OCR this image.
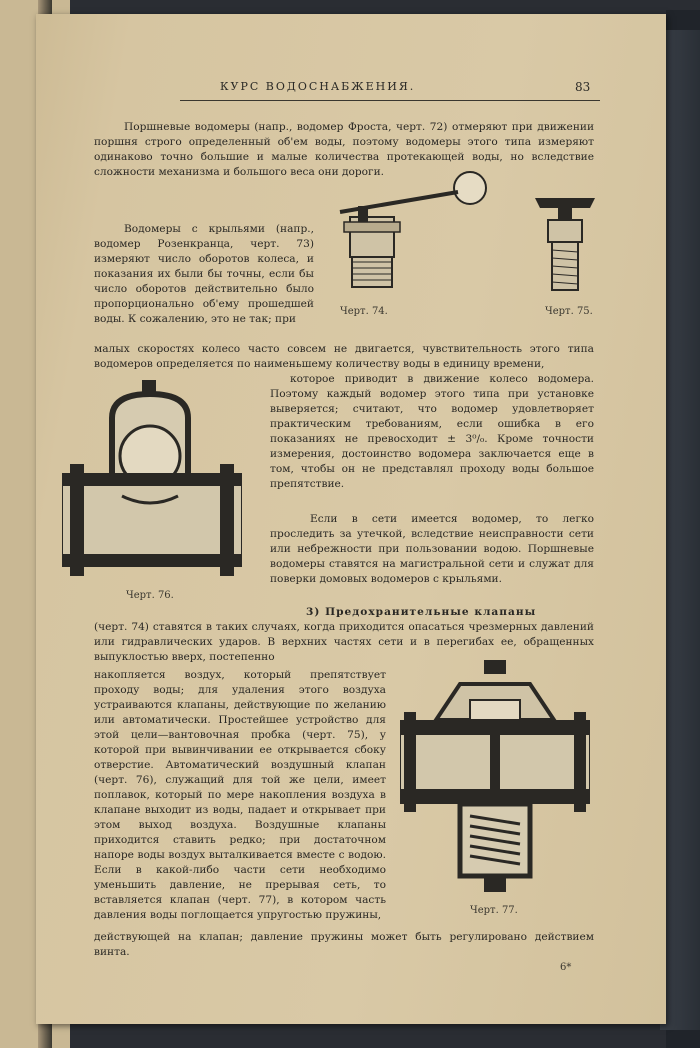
КУРС ВОДОСНАБЖЕНИЯ.	83
Поршневые водомеры (напр., водомер Фроста, черт. 72) отмеряют при движении поршня строго определенный об'ем воды, поэтому водомеры этого типа измеряют одинаково точно большие и малые количества протекающей воды, но вследствие сложности механизма и большого веса они дороги.
Водомеры с крыльями (напр., водомер Розенкранца, черт. 73) измеряют число оборотов колеса, и показания их были бы точны, если бы число оборотов действительно было пропорционально об'ему прошедшей воды. К сожалению, это не так; при
малых скоростях колесо часто совсем не двигается, чувствительность этого типа водомеров определяется по наименьшему количеству воды в единицу времени,
которое приводит в движение колесо водомера. Поэтому каждый водомер этого типа при установке выверяется; считают, что водомер удовлетворяет практическим требованиям, если ошибка в его показаниях не превосходит ± 3⁰/₀. Кроме точности измерения, достоинство водомера заключается еще в том, чтобы он не представлял проходу воды большое препятствие.
Если в сети имеется водомер, то легко проследить за утечкой, вследствие неисправности сети или небрежности при пользовании водою. Поршневые водомеры ставятся на магистральной сети и служат для поверки домовых водомеров с крыльями.
3) Предохранительные клапаны
(черт. 74) ставятся в таких случаях, когда приходится опасаться чрезмерных давлений или гидравлических ударов. В верхних частях сети и в перегибах ее, обращенных выпуклостью вверх, постепенно
накопляется воздух, который препятствует проходу воды; для удаления этого воздуха устраиваются клапаны, действующие по желанию или автоматически. Простейшее устройство для этой цели—вантовочная пробка (черт. 75), у которой при вывинчивании ее открывается сбоку отверстие. Автоматический воздушный клапан (черт. 76), служащий для той же цели, имеет поплавок, который по мере накопления воздуха в клапане выходит из воды, падает и открывает при этом выход воздуха. Воздушные клапаны приходится ставить редко; при достаточном напоре воды воздух выталкивается вместе с водою. Если в какой-либо части сети необходимо уменьшить давление, не прерывая сеть, то вставляется клапан (черт. 77), в котором часть давления воды поглощается упругостью пружины,
действующей на клапан; давление пружины может быть регулировано действием винта.
Черт. 74.	Черт. 75.
Черт. 76.
Черт. 77.
6*
